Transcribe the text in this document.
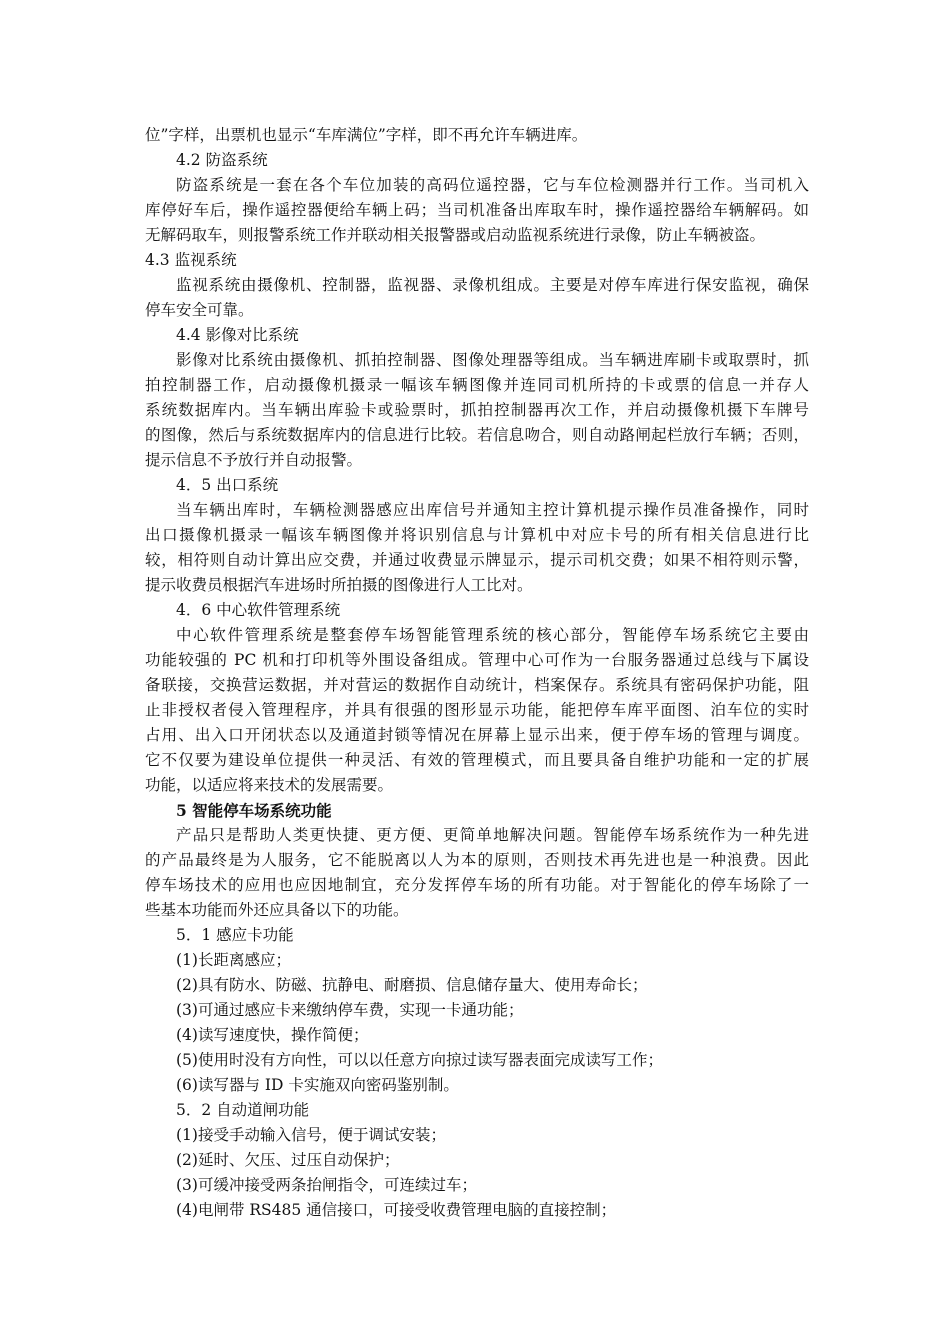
位”字样，出票机也显示“车库满位”字样，即不再允许车辆进库。
4.2 防盗系统
防盗系统是一套在各个车位加装的高码位遥控器，它与车位检测器并行工作。当司机入
库停好车后，操作遥控器便给车辆上码；当司机准备出库取车时，操作遥控器给车辆解码。如
无解码取车，则报警系统工作并联动相关报警器或启动监视系统进行录像，防止车辆被盗。
4.3 监视系统
监视系统由摄像机、控制器，监视器、录像机组成。主要是对停车库进行保安监视，确保
停车安全可靠。
4.4 影像对比系统
影像对比系统由摄像机、抓拍控制器、图像处理器等组成。当车辆进库刷卡或取票时，抓
拍控制器工作，启动摄像机摄录一幅该车辆图像并连同司机所持的卡或票的信息一并存人
系统数据库内。当车辆出库验卡或验票时，抓拍控制器再次工作，并启动摄像机摄下车牌号
的图像，然后与系统数据库内的信息进行比较。若信息吻合，则自动路闸起栏放行车辆；否则，
提示信息不予放行并自动报警。
4．5 出口系统
当车辆出库时，车辆检测器感应出库信号并通知主控计算机提示操作员准备操作，同时
出口摄像机摄录一幅该车辆图像并将识别信息与计算机中对应卡号的所有相关信息进行比
较，相符则自动计算出应交费，并通过收费显示牌显示，提示司机交费；如果不相符则示警，
提示收费员根据汽车进场时所拍摄的图像进行人工比对。
4．6 中心软件管理系统
中心软件管理系统是整套停车场智能管理系统的核心部分，智能停车场系统它主要由
功能较强的 PC 机和打印机等外围设备组成。管理中心可作为一台服务器通过总线与下属设
备联接，交换营运数据，并对营运的数据作自动统计，档案保存。系统具有密码保护功能，阻
止非授权者侵入管理程序，并具有很强的图形显示功能，能把停车库平面图、泊车位的实时
占用、出入口开闭状态以及通道封锁等情况在屏幕上显示出来，便于停车场的管理与调度。
它不仅要为建设单位提供一种灵活、有效的管理模式，而且要具备自维护功能和一定的扩展
功能，以适应将来技术的发展需要。
5 智能停车场系统功能
产品只是帮助人类更快捷、更方便、更简单地解决问题。智能停车场系统作为一种先进
的产品最终是为人服务，它不能脱离以人为本的原则，否则技术再先进也是一种浪费。因此
停车场技术的应用也应因地制宜，充分发挥停车场的所有功能。对于智能化的停车场除了一
些基本功能而外还应具备以下的功能。
5．1 感应卡功能
(1)长距离感应；
(2)具有防水、防磁、抗静电、耐磨损、信息储存量大、使用寿命长；
(3)可通过感应卡来缴纳停车费，实现一卡通功能；
(4)读写速度快，操作简便；
(5)使用时没有方向性，可以以任意方向掠过读写器表面完成读写工作；
(6)读写器与 ID 卡实施双向密码鉴别制。
5．2 自动道闸功能
(1)接受手动输入信号，便于调试安装；
(2)延时、欠压、过压自动保护；
(3)可缓冲接受两条抬闸指令，可连续过车；
(4)电闸带 RS485 通信接口，可接受收费管理电脑的直接控制；
